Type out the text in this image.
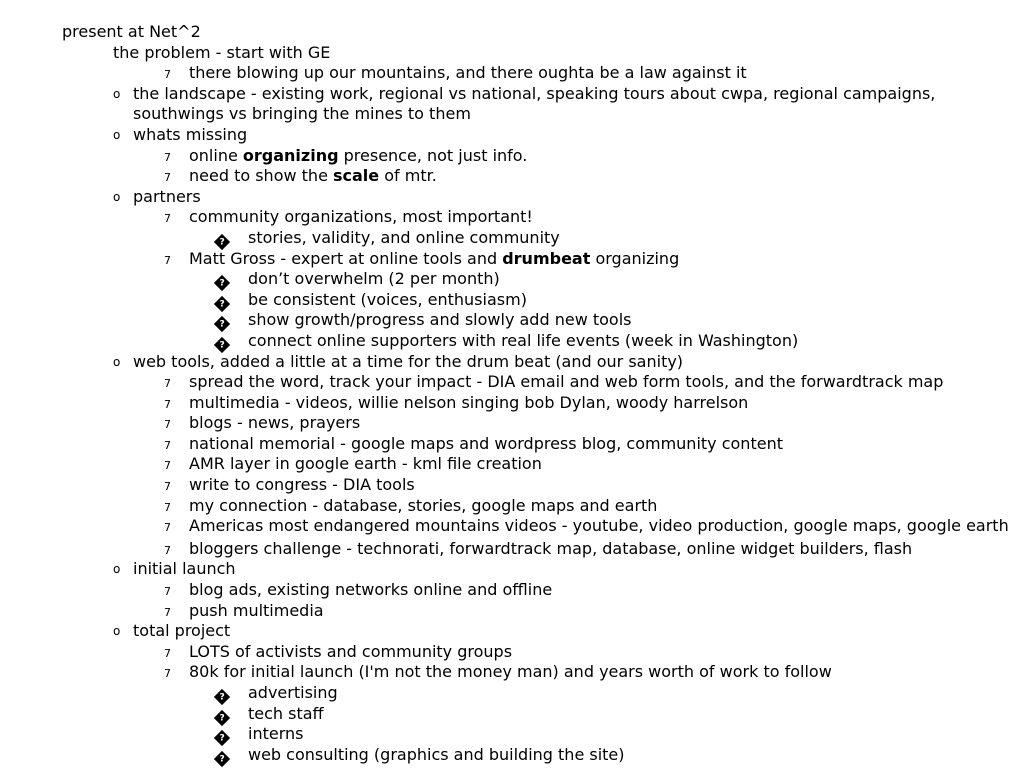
present at Net^2
the problem - start with GE
7 there blowing up our mountains, and there oughta be a law against it
o the landscape - existing work, regional vs national, speaking tours about cwpa, regional campaigns, southwings vs bringing the mines to them
o whats missing
7 online organizing presence, not just info.
7 need to show the scale of mtr.
o partners
7 community organizations, most important!
? stories, validity, and online community
7 Matt Gross - expert at online tools and drumbeat organizing
? don’t overwhelm (2 per month)
? be consistent (voices, enthusiasm)
? show growth/progress and slowly add new tools
? connect online supporters with real life events (week in Washington)
o web tools, added a little at a time for the drum beat (and our sanity)
7 spread the word, track your impact - DIA email and web form tools, and the forwardtrack map
7 multimedia - videos, willie nelson singing bob Dylan, woody harrelson
7 blogs - news, prayers
7 national memorial - google maps and wordpress blog, community content
7 AMR layer in google earth - kml file creation
7 write to congress - DIA tools
7 my connection - database, stories, google maps and earth
7 Americas most endangered mountains videos - youtube, video production, google maps, google earth
7 bloggers challenge - technorati, forwardtrack map, database, online widget builders, flash
o initial launch
7 blog ads, existing networks online and offline
7 push multimedia
o total project
7 LOTS of activists and community groups
7 80k for initial launch (I'm not the money man) and years worth of work to follow
? advertising
? tech staff
? interns
? web consulting (graphics and building the site)
